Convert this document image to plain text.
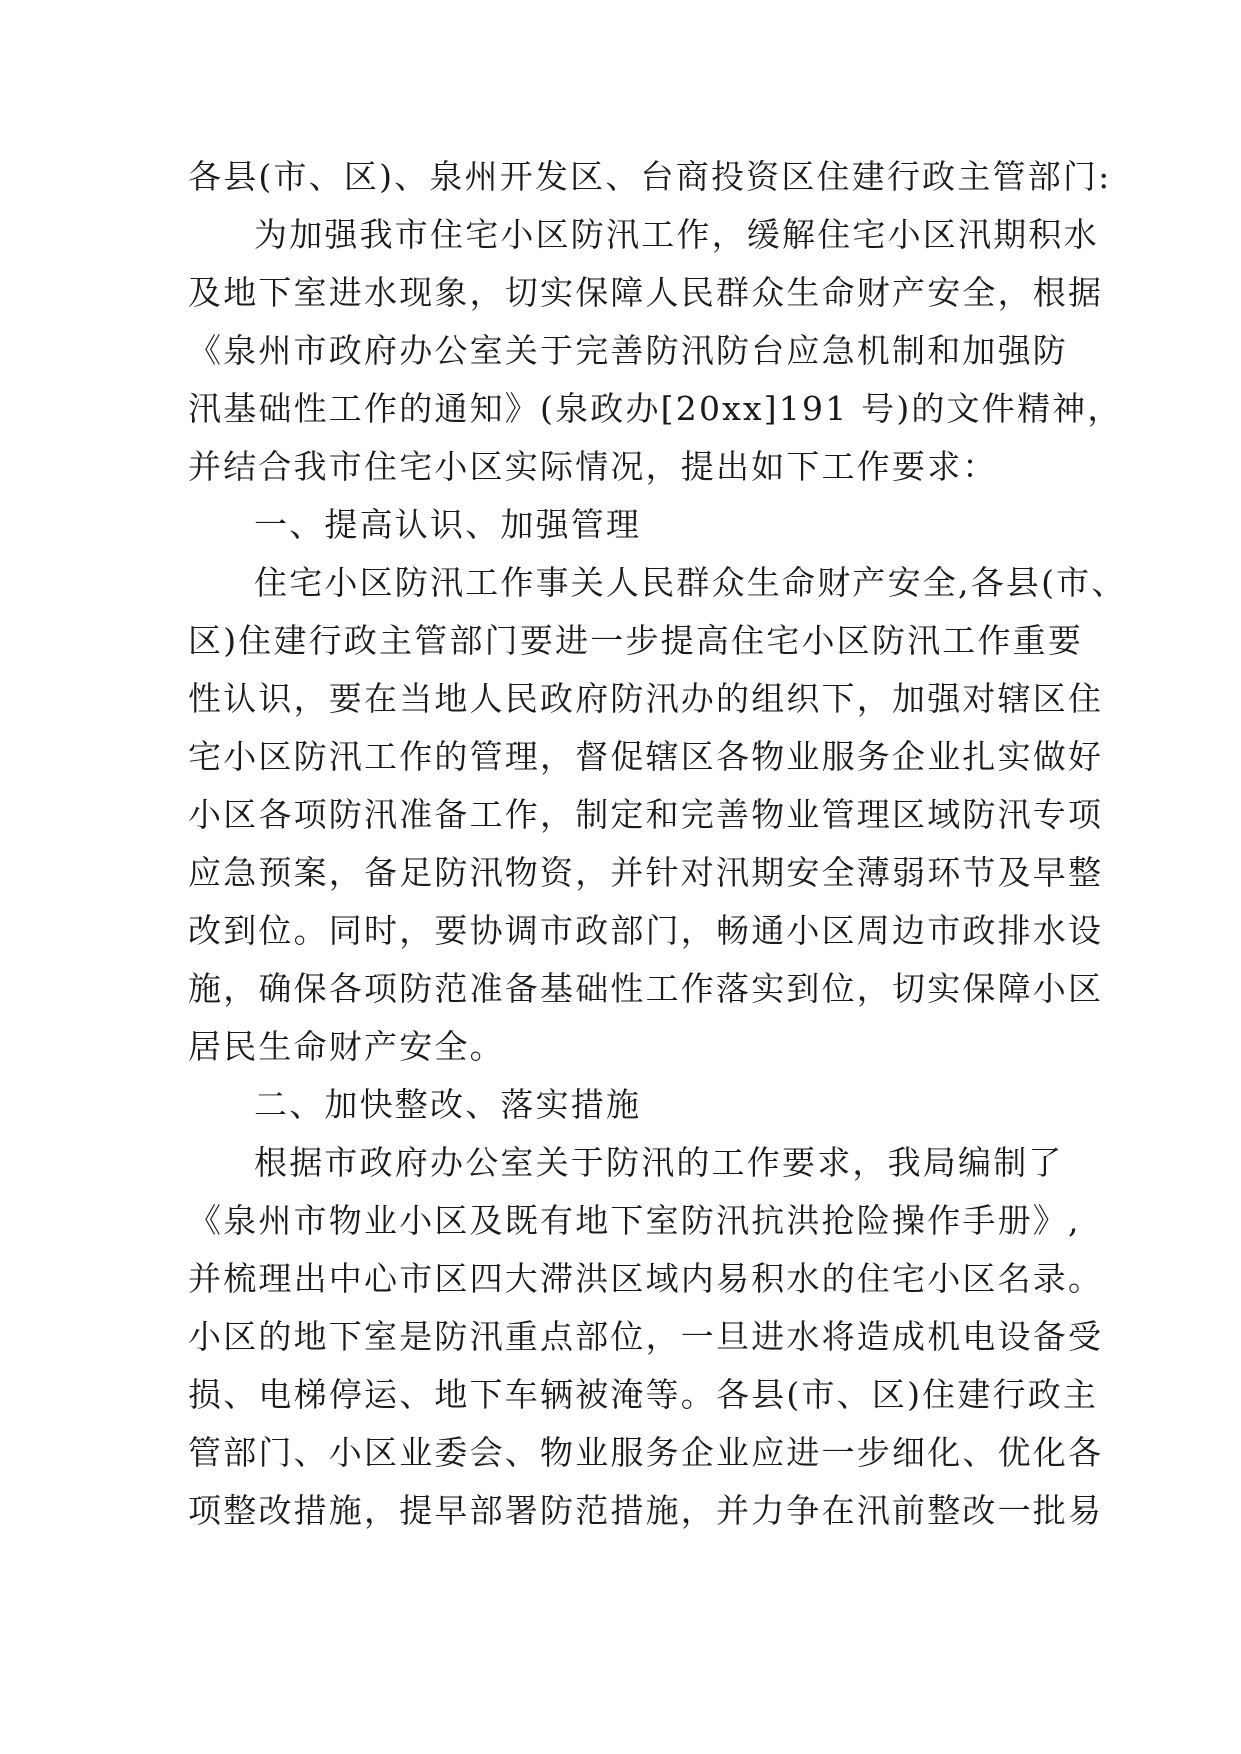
各县(市、区)、泉州开发区、台商投资区住建行政主管部门:
为加强我市住宅小区防汛工作，缓解住宅小区汛期积水
及地下室进水现象，切实保障人民群众生命财产安全，根据
《泉州市政府办公室关于完善防汛防台应急机制和加强防
汛基础性工作的通知》(泉政办[20xx]191 号)的文件精神，
并结合我市住宅小区实际情况，提出如下工作要求：
一、提高认识、加强管理
住宅小区防汛工作事关人民群众生命财产安全,各县(市、
区)住建行政主管部门要进一步提高住宅小区防汛工作重要
性认识，要在当地人民政府防汛办的组织下，加强对辖区住
宅小区防汛工作的管理，督促辖区各物业服务企业扎实做好
小区各项防汛准备工作，制定和完善物业管理区域防汛专项
应急预案，备足防汛物资，并针对汛期安全薄弱环节及早整
改到位。同时，要协调市政部门，畅通小区周边市政排水设
施，确保各项防范准备基础性工作落实到位，切实保障小区
居民生命财产安全。
二、加快整改、落实措施
根据市政府办公室关于防汛的工作要求，我局编制了
《泉州市物业小区及既有地下室防汛抗洪抢险操作手册》,
并梳理出中心市区四大滞洪区域内易积水的住宅小区名录。
小区的地下室是防汛重点部位，一旦进水将造成机电设备受
损、电梯停运、地下车辆被淹等。各县(市、区)住建行政主
管部门、小区业委会、物业服务企业应进一步细化、优化各
项整改措施，提早部署防范措施，并力争在汛前整改一批易
